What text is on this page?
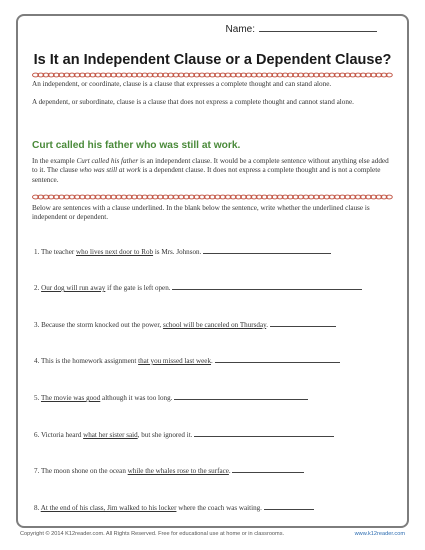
Name:
Is It an Independent Clause or a Dependent Clause?
An independent, or coordinate, clause is a clause that expresses a complete thought and can stand alone.
A dependent, or subordinate, clause is a clause that does not express a complete thought and cannot stand alone.
Curt called his father who was still at work.
In the example Curt called his father is an independent clause. It would be a complete sentence without anything else added to it. The clause who was still at work is a dependent clause. It does not express a complete thought and is not a complete sentence.
Below are sentences with a clause underlined. In the blank below the sentence, write whether the underlined clause is independent or dependent.
1. The teacher who lives next door to Rob is Mrs. Johnson.
2. Our dog will run away if the gate is left open.
3. Because the storm knocked out the power, school will be canceled on Thursday.
4. This is the homework assignment that you missed last week.
5. The movie was good although it was too long.
6. Victoria heard what her sister said, but she ignored it.
7. The moon shone on the ocean while the whales rose to the surface.
8. At the end of his class, Jim walked to his locker where the coach was waiting.
Copyright © 2014 K12reader.com. All Rights Reserved. Free for educational use at home or in classrooms.	www.k12reader.com
